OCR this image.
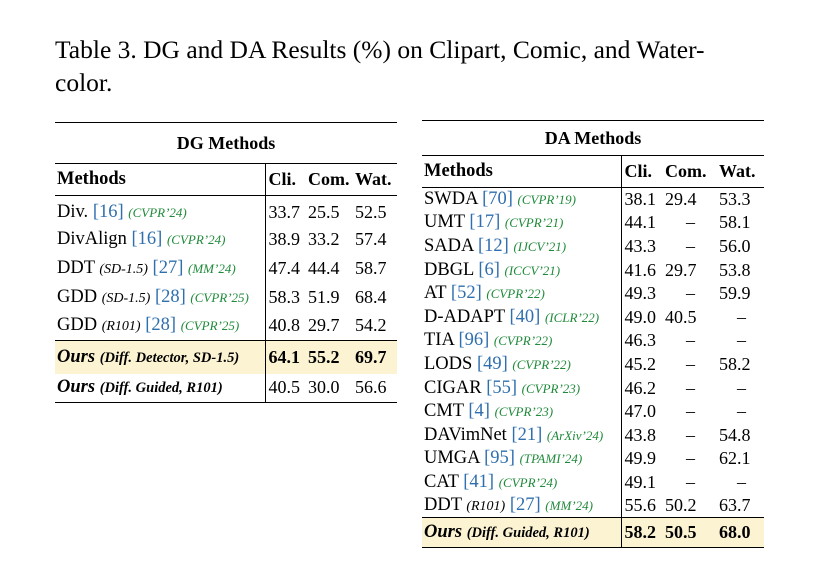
Table 3. DG and DA Results (%) on Clipart, Comic, and Water-
color.
DG Methods			
Methods	Cli.	Com.	Wat.
Div. [16] (CVPR’24)	33.7	25.5	52.5
DivAlign [16] (CVPR’24)	38.9	33.2	57.4
DDT (SD-1.5) [27] (MM’24)	47.4	44.4	58.7
GDD (SD-1.5) [28] (CVPR’25)	58.3	51.9	68.4
GDD (R101) [28] (CVPR’25)	40.8	29.7	54.2
Ours (Diff. Detector, SD-1.5)	64.1	55.2	69.7
Ours (Diff. Guided, R101)	40.5	30.0	56.6
DA Methods			
Methods	Cli.	Com.	Wat.
SWDA [70] (CVPR’19)	38.1	29.4	53.3
UMT [17] (CVPR’21)	44.1	–	58.1
SADA [12] (IJCV’21)	43.3	–	56.0
DBGL [6] (ICCV’21)	41.6	29.7	53.8
AT [52] (CVPR’22)	49.3	–	59.9
D-ADAPT [40] (ICLR’22)	49.0	40.5	–
TIA [96] (CVPR’22)	46.3	–	–
LODS [49] (CVPR’22)	45.2	–	58.2
CIGAR [55] (CVPR’23)	46.2	–	–
CMT [4] (CVPR’23)	47.0	–	–
DAVimNet [21] (ArXiv’24)	43.8	–	54.8
UMGA [95] (TPAMI’24)	49.9	–	62.1
CAT [41] (CVPR’24)	49.1	–	–
DDT (R101) [27] (MM’24)	55.6	50.2	63.7
Ours (Diff. Guided, R101)	58.2	50.5	68.0
